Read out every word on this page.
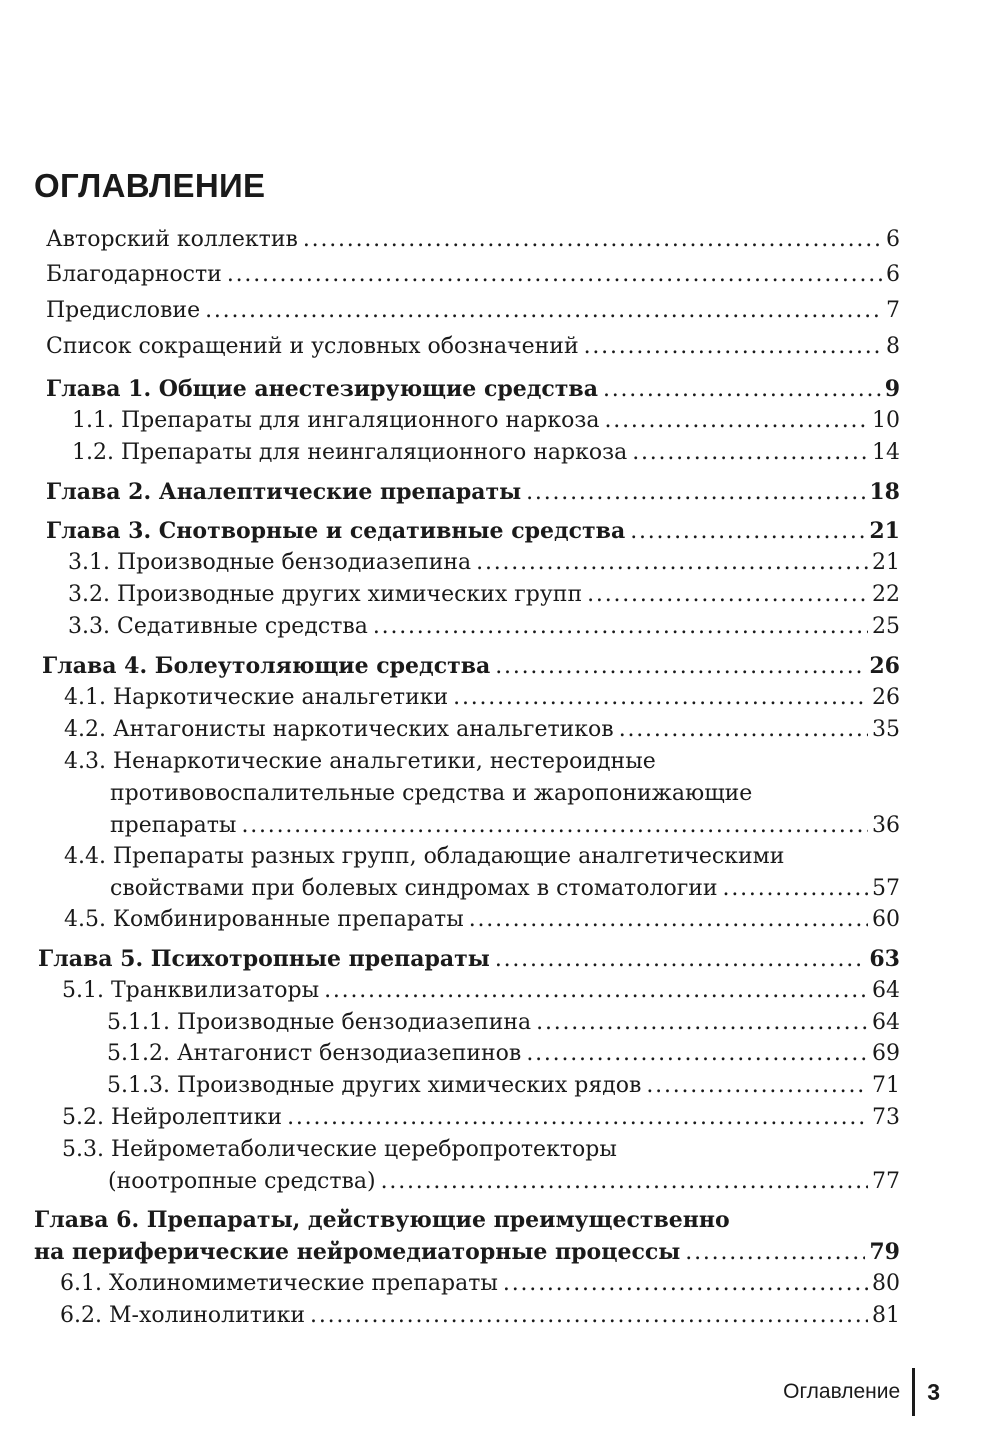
ОГЛАВЛЕНИЕ
Авторский коллектив . . .	6
Благодарности . . .	6
Предисловие . . .	7
Список сокращений и условных обозначений . . .	8
Глава 1. Общие анестезирующие средства . . .	9
1.1. Препараты для ингаляционного наркоза . . .	10
1.2. Препараты для неингаляционного наркоза . . .	14
Глава 2. Аналептические препараты . . .	18
Глава 3. Снотворные и седативные средства . . .	21
3.1. Производные бензодиазепина . . .	21
3.2. Производные других химических групп . . .	22
3.3. Седативные средства . . .	25
Глава 4. Болеутоляющие средства . . .	26
4.1. Наркотические анальгетики . . .	26
4.2. Антагонисты наркотических анальгетиков . . .	35
4.3. Ненаркотические анальгетики, нестероидные
противовоспалительные средства и жаропонижающие
препараты . . .	36
4.4. Препараты разных групп, обладающие аналгетическими
свойствами при болевых синдромах в стоматологии . . .	57
4.5. Комбинированные препараты . . .	60
Глава 5. Психотропные препараты . . .	63
5.1. Транквилизаторы . . .	64
5.1.1. Производные бензодиазепина . . .	64
5.1.2. Антагонист бензодиазепинов . . .	69
5.1.3. Производные других химических рядов . . .	71
5.2. Нейролептики . . .	73
5.3. Нейрометаболические церебропротекторы
(ноотропные средства) . . .	77
Глава 6. Препараты, действующие преимущественно
на периферические нейромедиаторные процессы . . .	79
6.1. Холиномиметические препараты . . .	80
6.2. М-холинолитики . . .	81
Оглавление	3
